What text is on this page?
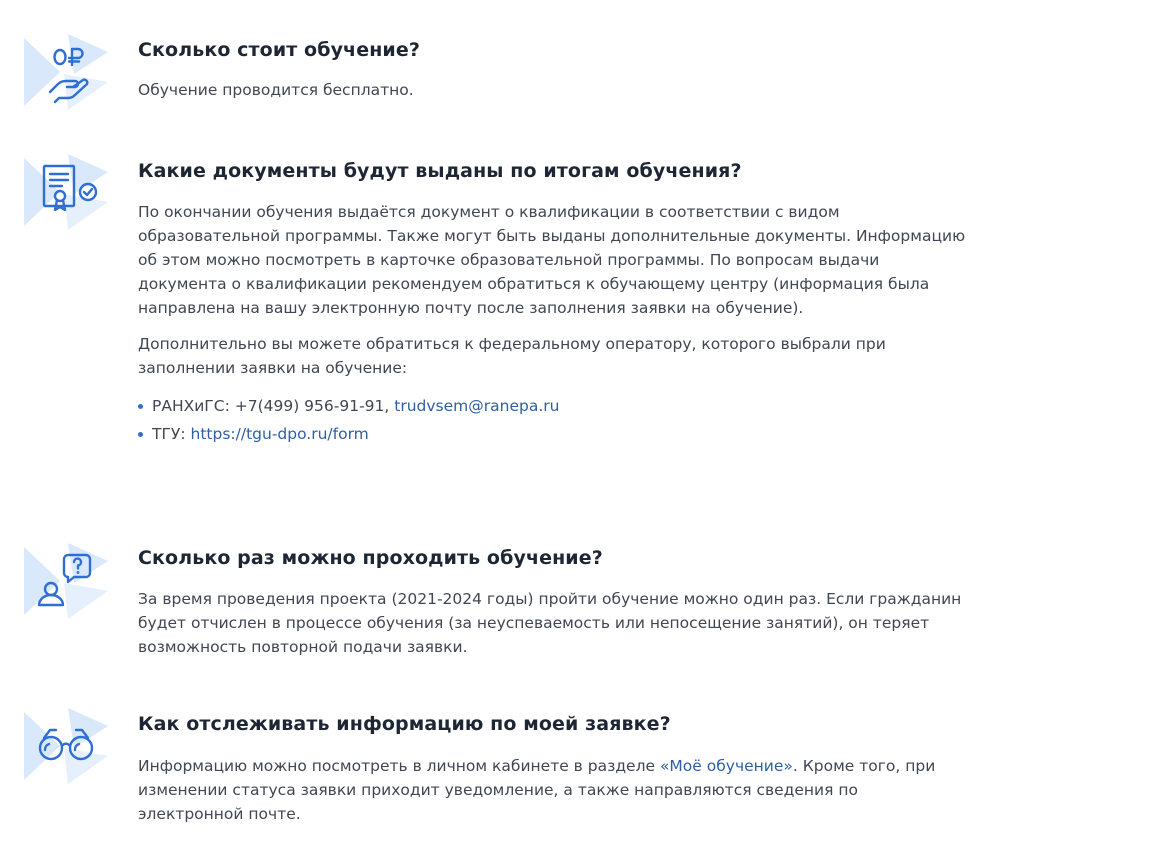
Сколько стоит обучение?

Обучение проводится бесплатно.

Какие документы будут выданы по итогам обучения?

По окончании обучения выдаётся документ о квалификации в соответствии с видом образовательной программы. Также могут быть выданы дополнительные документы. Информацию об этом можно посмотреть в карточке образовательной программы. По вопросам выдачи документа о квалификации рекомендуем обратиться к обучающему центру (информация была направлена на вашу электронную почту после заполнения заявки на обучение).

Дополнительно вы можете обратиться к федеральному оператору, которого выбрали при заполнении заявки на обучение:

РАНХиГС: +7(499) 956-91-91, trudvsem@ranepa.ru
ТГУ: https://tgu-dpo.ru/form
Сколько раз можно проходить обучение?

За время проведения проекта (2021-2024 годы) пройти обучение можно один раз. Если гражданин будет отчислен в процессе обучения (за неуспеваемость или непосещение занятий), он теряет возможность повторной подачи заявки.

Как отслеживать информацию по моей заявке?

Информацию можно посмотреть в личном кабинете в разделе «Моё обучение». Кроме того, при изменении статуса заявки приходит уведомление, а также направляются сведения по электронной почте.
